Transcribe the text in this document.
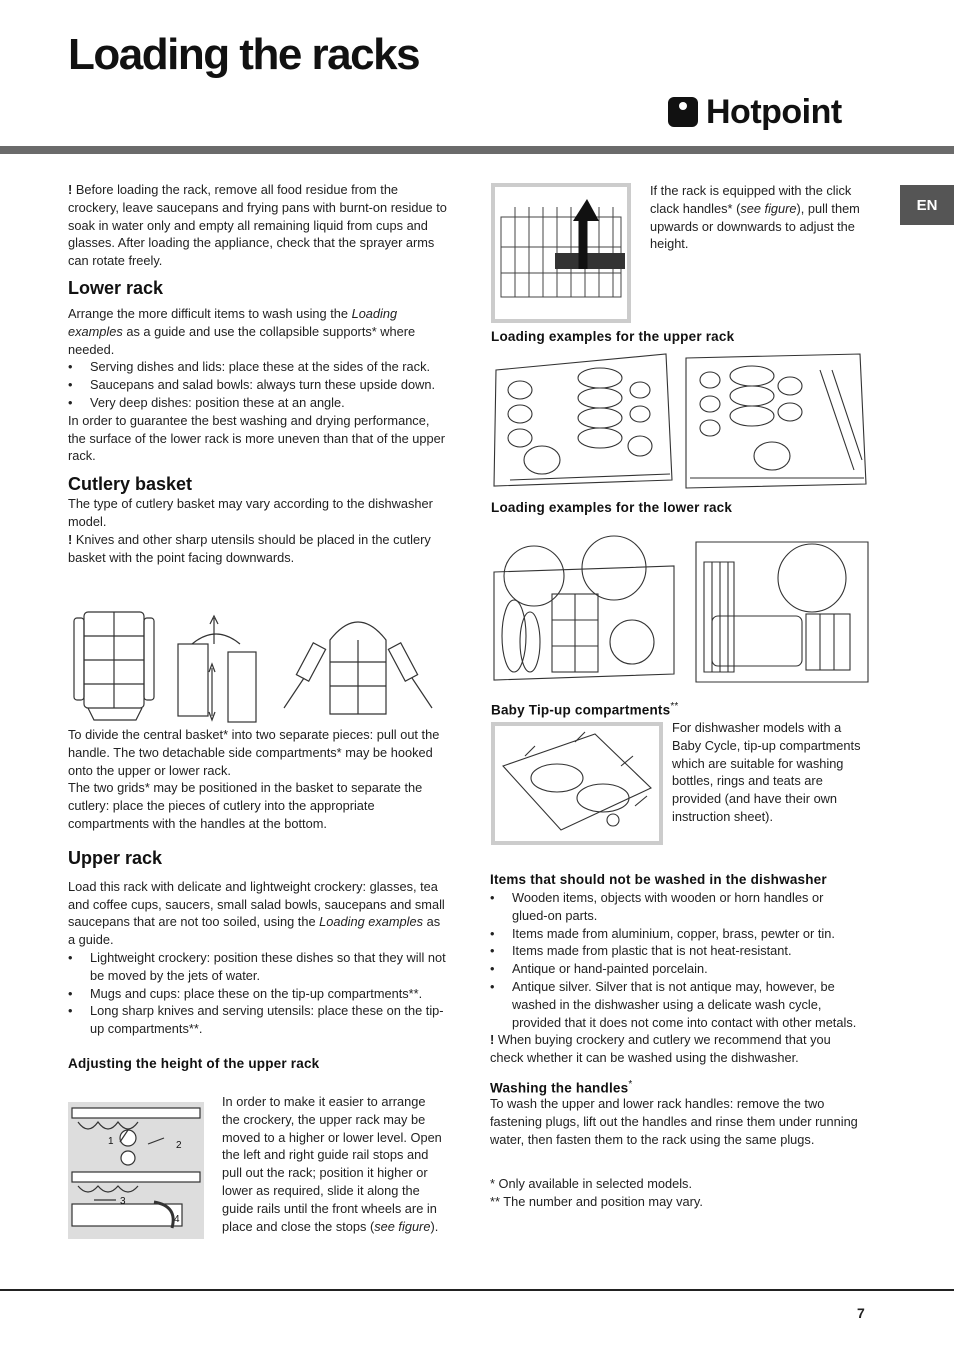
Loading the racks
Hotpoint
EN

! Before loading the rack, remove all food residue from the crockery, leave saucepans and frying pans with burnt-on residue to soak in water only and empty all remaining liquid from cups and glasses. After loading the appliance, check that the sprayer arms can rotate freely.

Lower rack

Arrange the more difficult items to wash using the Loading examples as a guide and use the collapsible supports* where needed.

• Serving dishes and lids: place these at the sides of the rack.
• Saucepans and salad bowls: always turn these upside down.
• Very deep dishes: position these at an angle.

In order to guarantee the best washing and drying performance, the surface of the lower rack is more uneven than that of the upper rack.

Cutlery basket

The type of cutlery basket may vary according to the dishwasher model.

! Knives and other sharp utensils should be placed in the cutlery basket with the point facing downwards.

To divide the central basket* into two separate pieces: pull out the handle. The two detachable side compartments* may be hooked onto the upper or lower rack.

The two grids* may be positioned in the basket to separate the cutlery: place the pieces of cutlery into the appropriate compartments with the handles at the bottom.

Upper rack

Load this rack with delicate and lightweight crockery: glasses, tea and coffee cups, saucers, small salad bowls, saucepans and small saucepans that are not too soiled, using the Loading examples as a guide.

• Lightweight crockery: position these dishes so that they will not be moved by the jets of water.
• Mugs and cups: place these on the tip-up compartments**.
• Long sharp knives and serving utensils: place these on the tip-up compartments**.

Adjusting the height of the upper rack

1	2
3
4

In order to make it easier to arrange the crockery, the upper rack may be moved to a higher or lower level. Open the left and right guide rail stops and pull out the rack; position it higher or lower as required, slide it along the guide rails until the front wheels are in place and close the stops (see figure).

If the rack is equipped with the click clack handles* (see figure), pull them upwards or downwards to adjust the height.

Loading examples for the upper rack

Loading examples for the lower rack

Baby Tip-up compartments**

For dishwasher models with a Baby Cycle, tip-up compartments which are suitable for washing bottles, rings and teats are provided (and have their own instruction sheet).

Items that should not be washed in the dishwasher

• Wooden items, objects with wooden or horn handles or glued-on parts.
• Items made from aluminium, copper, brass, pewter or tin.
• Items made from plastic that is not heat-resistant.
• Antique or hand-painted porcelain.
• Antique silver. Silver that is not antique may, however, be washed in the dishwasher using a delicate wash cycle, provided that it does not come into contact with other metals.

! When buying crockery and cutlery we recommend that you check whether it can be washed using the dishwasher.

Washing the handles*

To wash the upper and lower rack handles: remove the two fastening plugs, lift out the handles and rinse them under running water, then fasten them to the rack using the same plugs.

* Only available in selected models.

** The number and position may vary.

7
